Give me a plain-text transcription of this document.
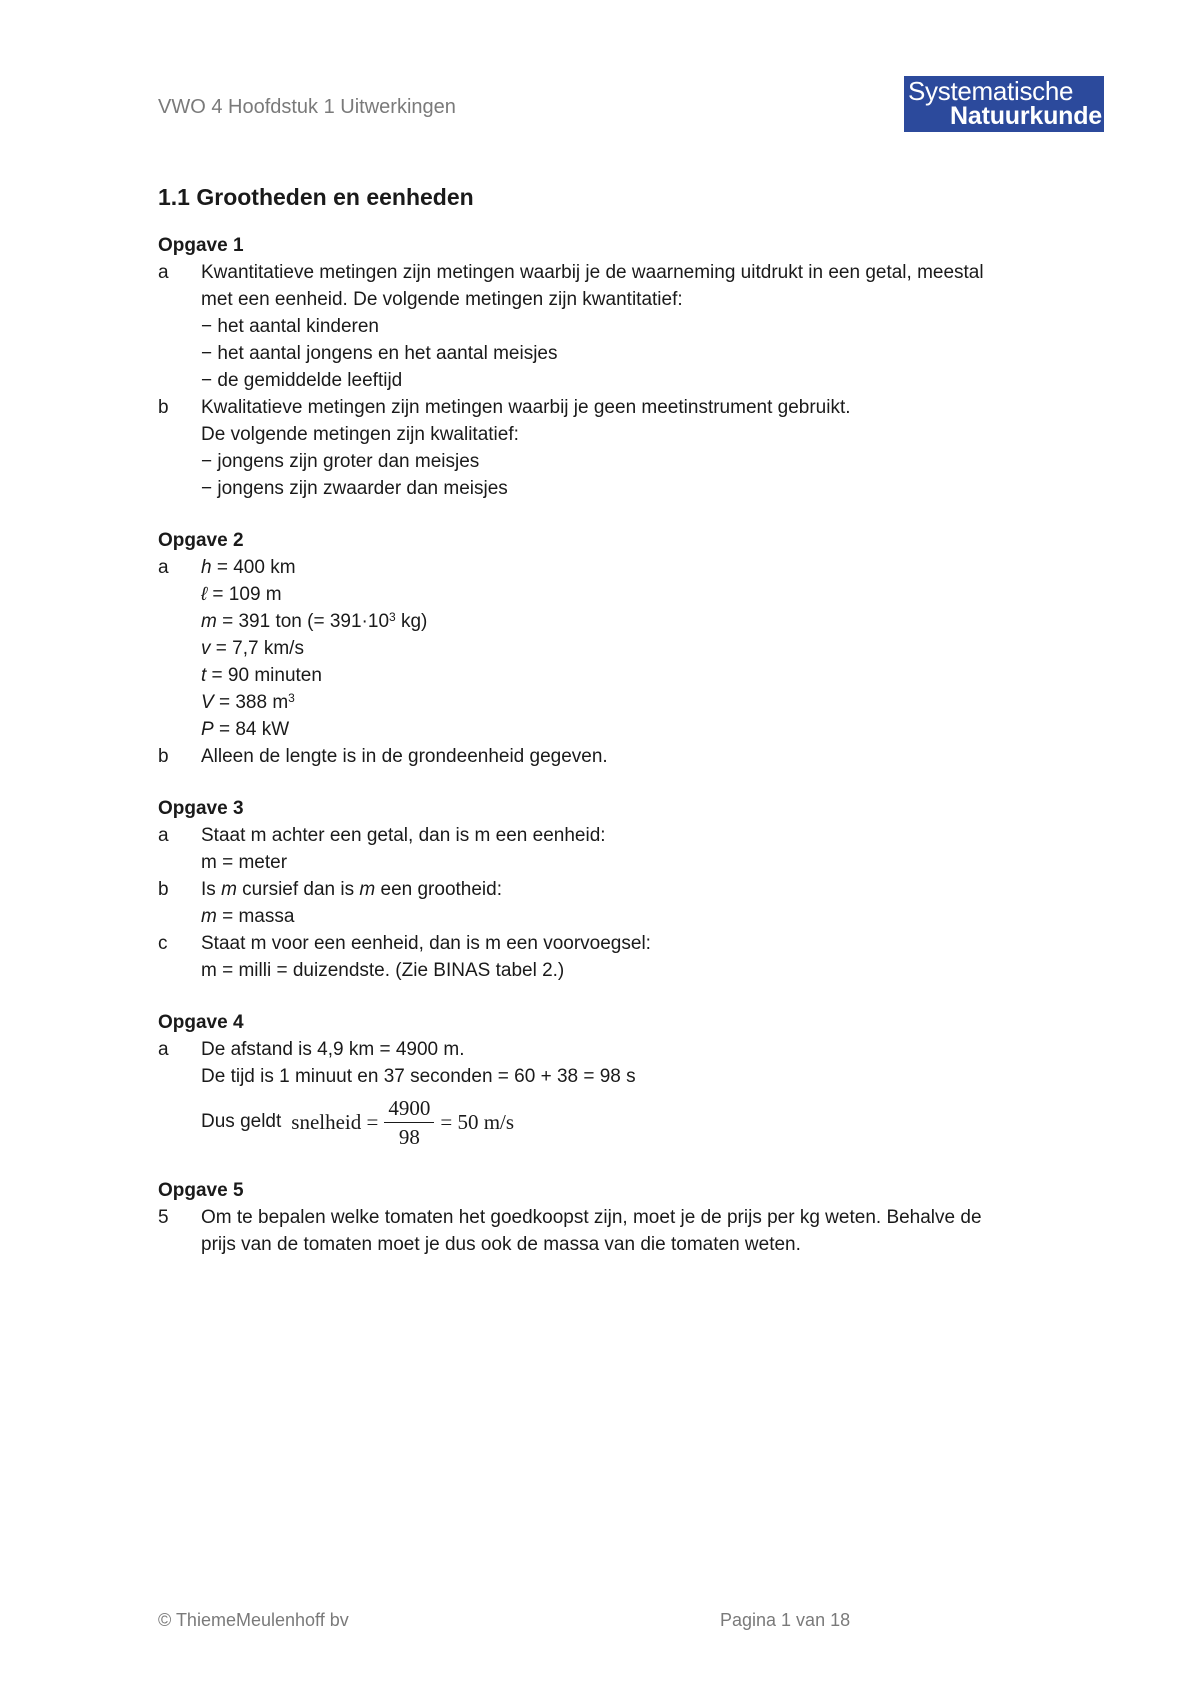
VWO 4 Hoofdstuk 1 Uitwerkingen
Systematische
Natuurkunde
1.1 Grootheden en eenheden
Opgave 1
a	Kwantitatieve metingen zijn metingen waarbij je de waarneming uitdrukt in een getal, meestal
met een eenheid. De volgende metingen zijn kwantitatief:
− het aantal kinderen
− het aantal jongens en het aantal meisjes
− de gemiddelde leeftijd
b	Kwalitatieve metingen zijn metingen waarbij je geen meetinstrument gebruikt.
De volgende metingen zijn kwalitatief:
− jongens zijn groter dan meisjes
− jongens zijn zwaarder dan meisjes
Opgave 2
a	h = 400 km
ℓ = 109 m
m = 391 ton (= $391\cdot 10^3$ kg)
v = 7,7 km/s
t = 90 minuten
V = 388 $m^3$
P = 84 kW
b	Alleen de lengte is in de grondeenheid gegeven.
Opgave 3
a	Staat m achter een getal, dan is m een eenheid:
m = meter
b	Is m cursief dan is m een grootheid:
m = massa
c	Staat m voor een eenheid, dan is m een voorvoegsel:
m = milli = duizendste. (Zie BINAS tabel 2.)
Opgave 4
a	De afstand is 4,9 km = 4900 m.
De tijd is 1 minuut en 37 seconden = 60 + 38 = 98 s
Dus geldt snelheid = $\frac{4900}{98} = 50$ m/s
Opgave 5
5	Om te bepalen welke tomaten het goedkoopst zijn, moet je de prijs per kg weten. Behalve de
prijs van de tomaten moet je dus ook de massa van die tomaten weten.
© ThiemeMeulenhoff bv	Pagina 1 van 18
